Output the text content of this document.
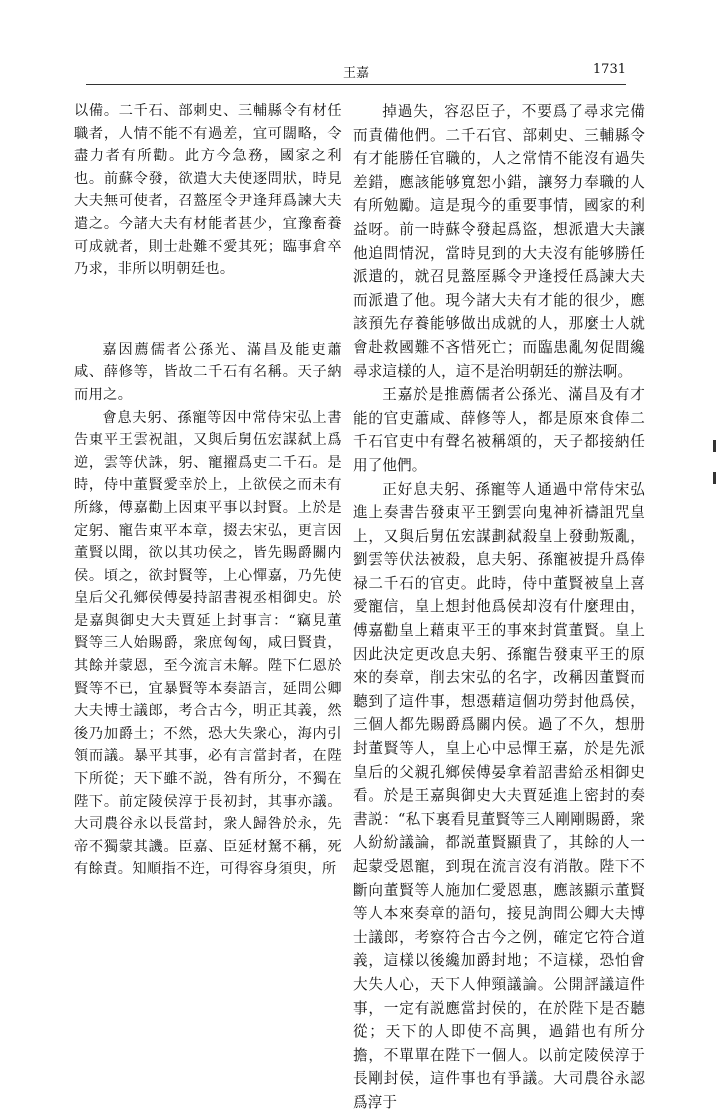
王嘉	1731

以備。二千石、部刺史、三輔縣令有材任職者，人情不能不有過差，宜可闊略，令盡力者有所勸。此方今急務，國家之利也。前蘇令發，欲遣大夫使逐問狀，時見大夫無可使者，召盩厔令尹逢拜爲諫大夫遣之。今諸大夫有材能者甚少，宜豫畜養可成就者，則士赴難不愛其死；臨事倉卒乃求，非所以明朝廷也。

嘉因薦儒者公孫光、滿昌及能吏蕭咸、薛修等，皆故二千石有名稱。天子納而用之。

會息夫躬、孫寵等因中常侍宋弘上書告東平王雲祝詛，又與后舅伍宏謀弑上爲逆，雲等伏誅，躬、寵擢爲吏二千石。是時，侍中董賢愛幸於上，上欲侯之而未有所緣，傅嘉勸上因東平事以封賢。上於是定躬、寵告東平本章，掇去宋弘，更言因董賢以聞，欲以其功侯之，皆先賜爵關内侯。頃之，欲封賢等，上心憚嘉，乃先使皇后父孔鄉侯傅晏持詔書視丞相御史。於是嘉與御史大夫賈延上封事言：“竊見董賢等三人始賜爵，衆庶匈匈，咸曰賢貴，其餘并蒙恩，至今流言未解。陛下仁恩於賢等不已，宜暴賢等本奏語言，延問公卿大夫博士議郎，考合古今，明正其義，然後乃加爵土；不然，恐大失衆心，海内引領而議。暴平其事，必有言當封者，在陛下所從；天下雖不説，咎有所分，不獨在陛下。前定陵侯淳于長初封，其事亦議。大司農谷永以長當封，衆人歸咎於永，先帝不獨蒙其譏。臣嘉、臣延材駑不稱，死有餘責。知順指不迕，可得容身須臾，所

掉過失，容忍臣子，不要爲了尋求完備而責備他們。二千石官、部刺史、三輔縣令有才能勝任官職的，人之常情不能沒有過失差錯，應該能够寬恕小錯，讓努力奉職的人有所勉勵。這是現今的重要事情，國家的利益呀。前一時蘇令發起爲盜，想派遣大夫讓他追問情況，當時見到的大夫沒有能够勝任派遣的，就召見盩厔縣令尹逢授任爲諫大夫而派遣了他。現今諸大夫有才能的很少，應該預先存養能够做出成就的人，那麼士人就會赴救國難不吝惜死亡；而臨患亂匆促間纔尋求這樣的人，這不是治明朝廷的辦法啊。

王嘉於是推薦儒者公孫光、滿昌及有才能的官吏蕭咸、薛修等人，都是原來食俸二千石官吏中有聲名被稱頌的，天子都接納任用了他們。

正好息夫躬、孫寵等人通過中常侍宋弘進上奏書告發東平王劉雲向鬼神祈禱詛咒皇上，又與后舅伍宏謀劃弑殺皇上發動叛亂，劉雲等伏法被殺，息夫躬、孫寵被提升爲俸禄二千石的官吏。此時，侍中董賢被皇上喜愛寵信，皇上想封他爲侯却沒有什麼理由，傅嘉勸皇上藉東平王的事來封賞董賢。皇上因此決定更改息夫躬、孫寵告發東平王的原來的奏章，削去宋弘的名字，改稱因董賢而聽到了這件事，想憑藉這個功勞封他爲侯，三個人都先賜爵爲關内侯。過了不久，想册封董賢等人，皇上心中忌憚王嘉，於是先派皇后的父親孔鄉侯傅晏拿着詔書給丞相御史看。於是王嘉與御史大夫賈延進上密封的奏書説：“私下裏看見董賢等三人剛剛賜爵，衆人紛紛議論，都説董賢顯貴了，其餘的人一起蒙受恩寵，到現在流言沒有消散。陛下不斷向董賢等人施加仁愛恩惠，應該顯示董賢等人本來奏章的語句，接見詢問公卿大夫博士議郎，考察符合古今之例，確定它符合道義，這樣以後纔加爵封地；不這樣，恐怕會大失人心，天下人伸頸議論。公開評議這件事，一定有説應當封侯的，在於陛下是否聽從；天下的人即使不高興，過錯也有所分擔，不單單在陛下一個人。以前定陵侯淳于長剛封侯，這件事也有爭議。大司農谷永認爲淳于
